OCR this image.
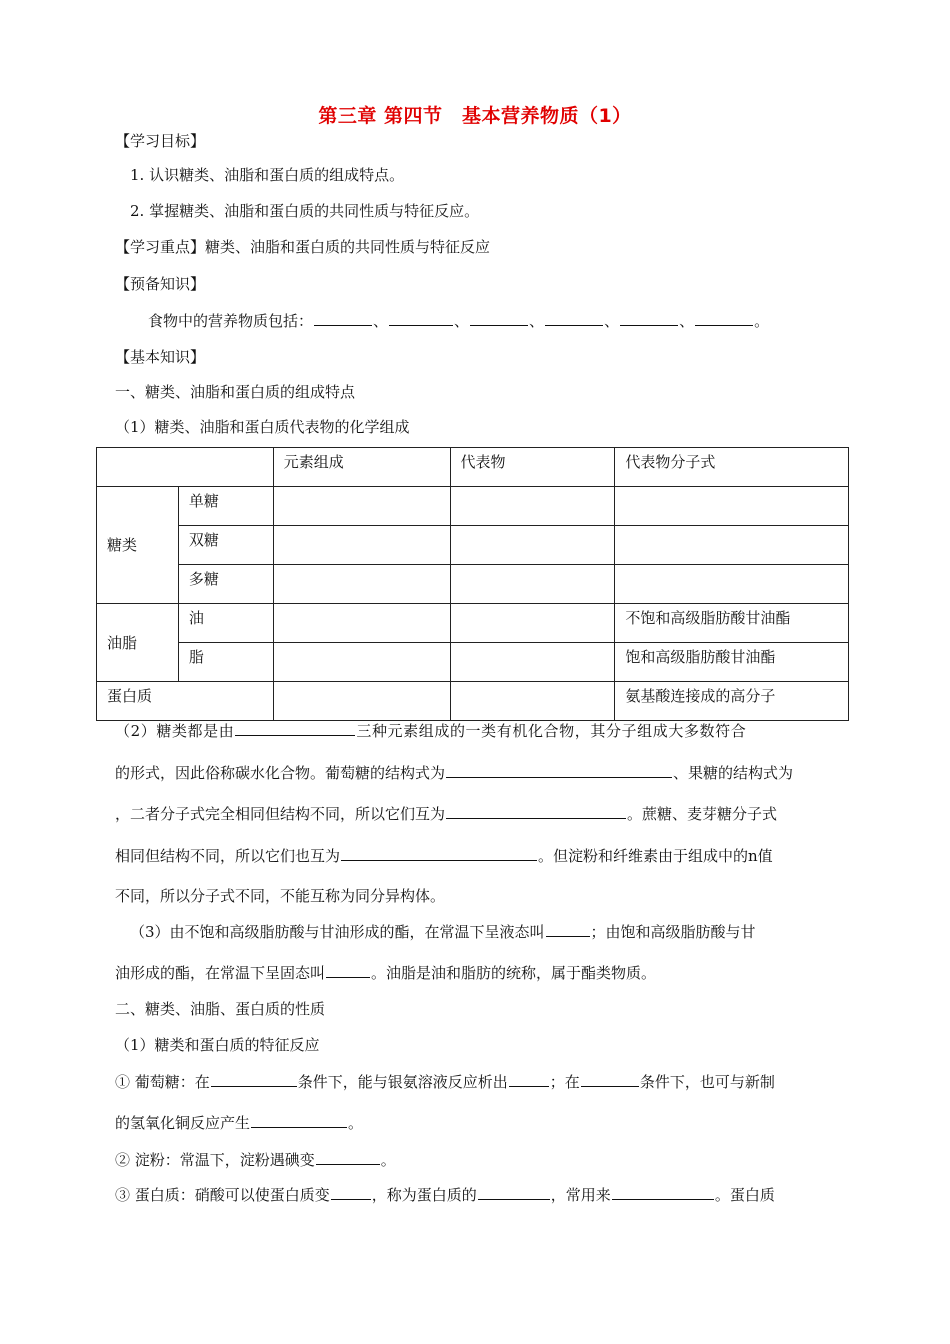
第三章 第四节　基本营养物质（1）
【学习目标】
1. 认识糖类、油脂和蛋白质的组成特点。
2. 掌握糖类、油脂和蛋白质的共同性质与特征反应。
【学习重点】糖类、油脂和蛋白质的共同性质与特征反应
【预备知识】
食物中的营养物质包括：	、	、	、	、	、	。
【基本知识】
一、糖类、油脂和蛋白质的组成特点
（1）糖类、油脂和蛋白质代表物的化学组成
		元素组成	代表物	代表物分子式
糖类	单糖			
	双糖			
	多糖			
油脂	油			不饱和高级脂肪酸甘油酯
	脂			饱和高级脂肪酸甘油酯
蛋白质				氨基酸连接成的高分子
（2）糖类都是由	三种元素组成的一类有机化合物，其分子组成大多数符合
的形式，因此俗称碳水化合物。葡萄糖的结构式为	、果糖的结构式为
，二者分子式完全相同但结构不同，所以它们互为	。蔗糖、麦芽糖分子式
相同但结构不同，所以它们也互为	。但淀粉和纤维素由于组成中的n值
不同，所以分子式不同，不能互称为同分异构体。
（3）由不饱和高级脂肪酸与甘油形成的酯，在常温下呈液态叫	；由饱和高级脂肪酸与甘
油形成的酯，在常温下呈固态叫	。油脂是油和脂肪的统称，属于酯类物质。
二、糖类、油脂、蛋白质的性质
（1）糖类和蛋白质的特征反应
① 葡萄糖：在	条件下，能与银氨溶液反应析出	；在	条件下，也可与新制
的氢氧化铜反应产生	。
② 淀粉：常温下，淀粉遇碘变	。
③ 蛋白质：硝酸可以使蛋白质变	，称为蛋白质的	，常用来	。蛋白质
